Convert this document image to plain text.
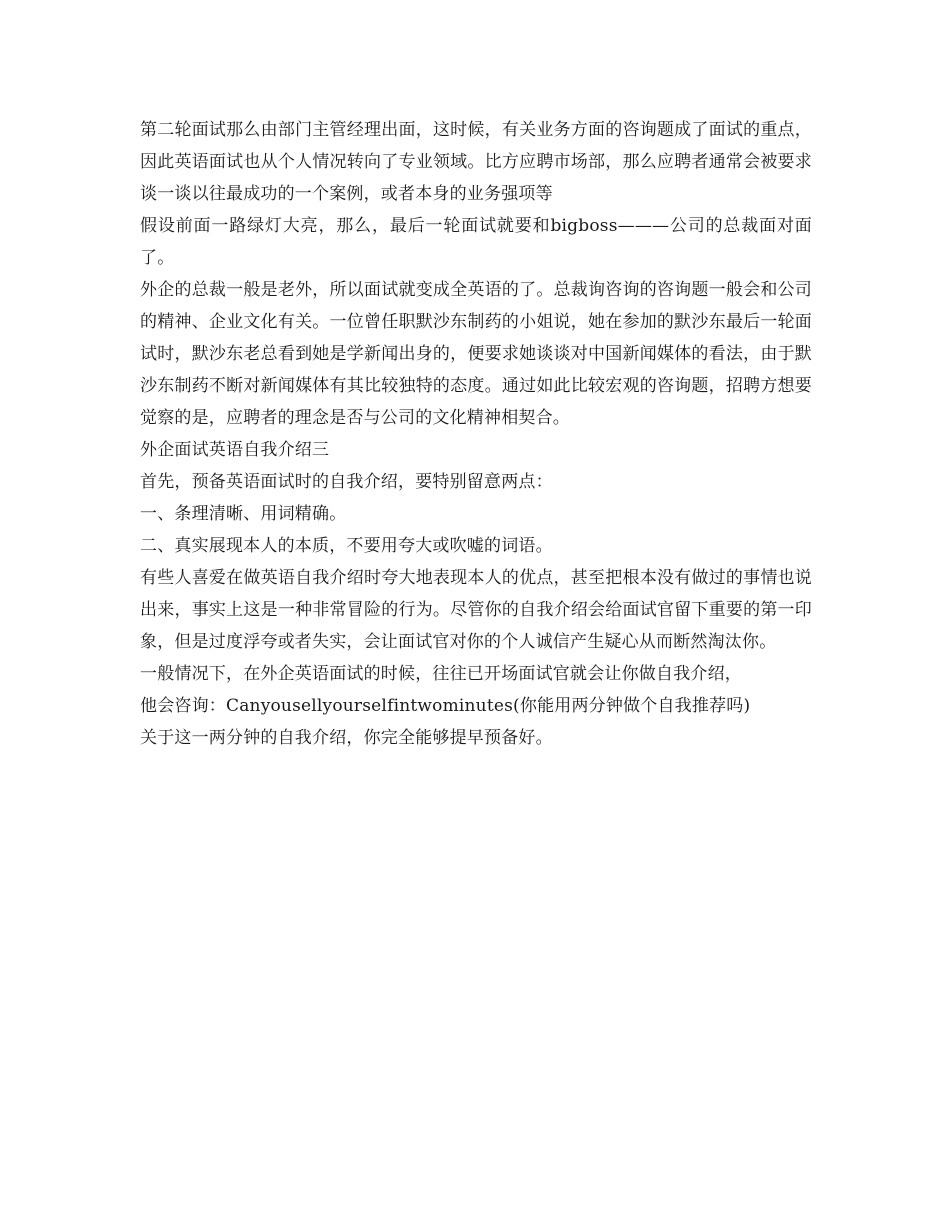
第二轮面试那么由部门主管经理出面，这时候，有关业务方面的咨询题成了面试的重点，因此英语面试也从个人情况转向了专业领域。比方应聘市场部，那么应聘者通常会被要求谈一谈以往最成功的一个案例，或者本身的业务强项等

假设前面一路绿灯大亮，那么，最后一轮面试就要和bigboss———公司的总裁面对面了。

外企的总裁一般是老外，所以面试就变成全英语的了。总裁询咨询的咨询题一般会和公司的精神、企业文化有关。一位曾任职默沙东制药的小姐说，她在参加的默沙东最后一轮面试时，默沙东老总看到她是学新闻出身的，便要求她谈谈对中国新闻媒体的看法，由于默沙东制药不断对新闻媒体有其比较独特的态度。通过如此比较宏观的咨询题，招聘方想要觉察的是，应聘者的理念是否与公司的文化精神相契合。

外企面试英语自我介绍三

首先，预备英语面试时的自我介绍，要特别留意两点：

一、条理清晰、用词精确。

二、真实展现本人的本质，不要用夸大或吹嘘的词语。

有些人喜爱在做英语自我介绍时夸大地表现本人的优点，甚至把根本没有做过的事情也说出来，事实上这是一种非常冒险的行为。尽管你的自我介绍会给面试官留下重要的第一印象，但是过度浮夸或者失实，会让面试官对你的个人诚信产生疑心从而断然淘汰你。

一般情况下，在外企英语面试的时候，往往已开场面试官就会让你做自我介绍，

他会咨询：Canyousellyourselfintwominutes(你能用两分钟做个自我推荐吗)

关于这一两分钟的自我介绍，你完全能够提早预备好。
